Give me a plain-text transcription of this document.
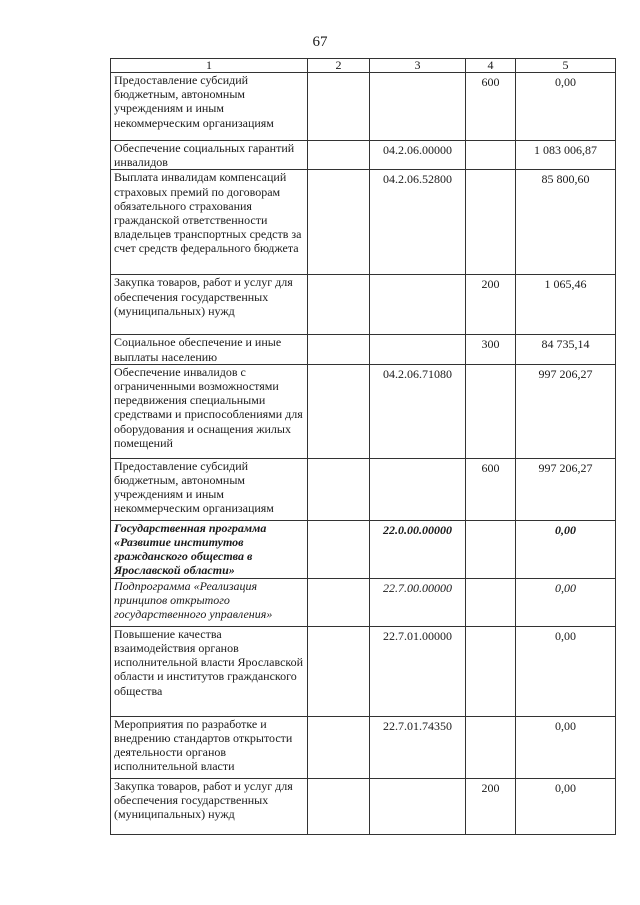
67
1	2	3	4	5
Предоставление субсидий бюджетным, автономным учреждениям и иным некоммерческим организациям			600	0,00
Обеспечение социальных гарантий инвалидов		04.2.06.00000		1 083 006,87
Выплата инвалидам компенсаций страховых премий по договорам обязательного страхования гражданской ответственности владельцев транспортных средств за счет средств федерального бюджета		04.2.06.52800		85 800,60
Закупка товаров, работ и услуг для обеспечения государственных (муниципальных) нужд			200	1 065,46
Социальное обеспечение и иные выплаты населению			300	84 735,14
Обеспечение инвалидов с ограниченными возможностями передвижения специальными средствами и приспособлениями для оборудования и оснащения жилых помещений		04.2.06.71080		997 206,27
Предоставление субсидий бюджетным, автономным учреждениям и иным некоммерческим организациям			600	997 206,27
Государственная программа «Развитие институтов гражданского общества в Ярославской области»		22.0.00.00000		0,00
Подпрограмма «Реализация принципов открытого государственного управления»		22.7.00.00000		0,00
Повышение качества взаимодействия органов исполнительной власти Ярославской области и институтов гражданского общества		22.7.01.00000		0,00
Мероприятия по разработке и внедрению стандартов открытости деятельности органов исполнительной власти		22.7.01.74350		0,00
Закупка товаров, работ и услуг для обеспечения государственных (муниципальных) нужд			200	0,00
